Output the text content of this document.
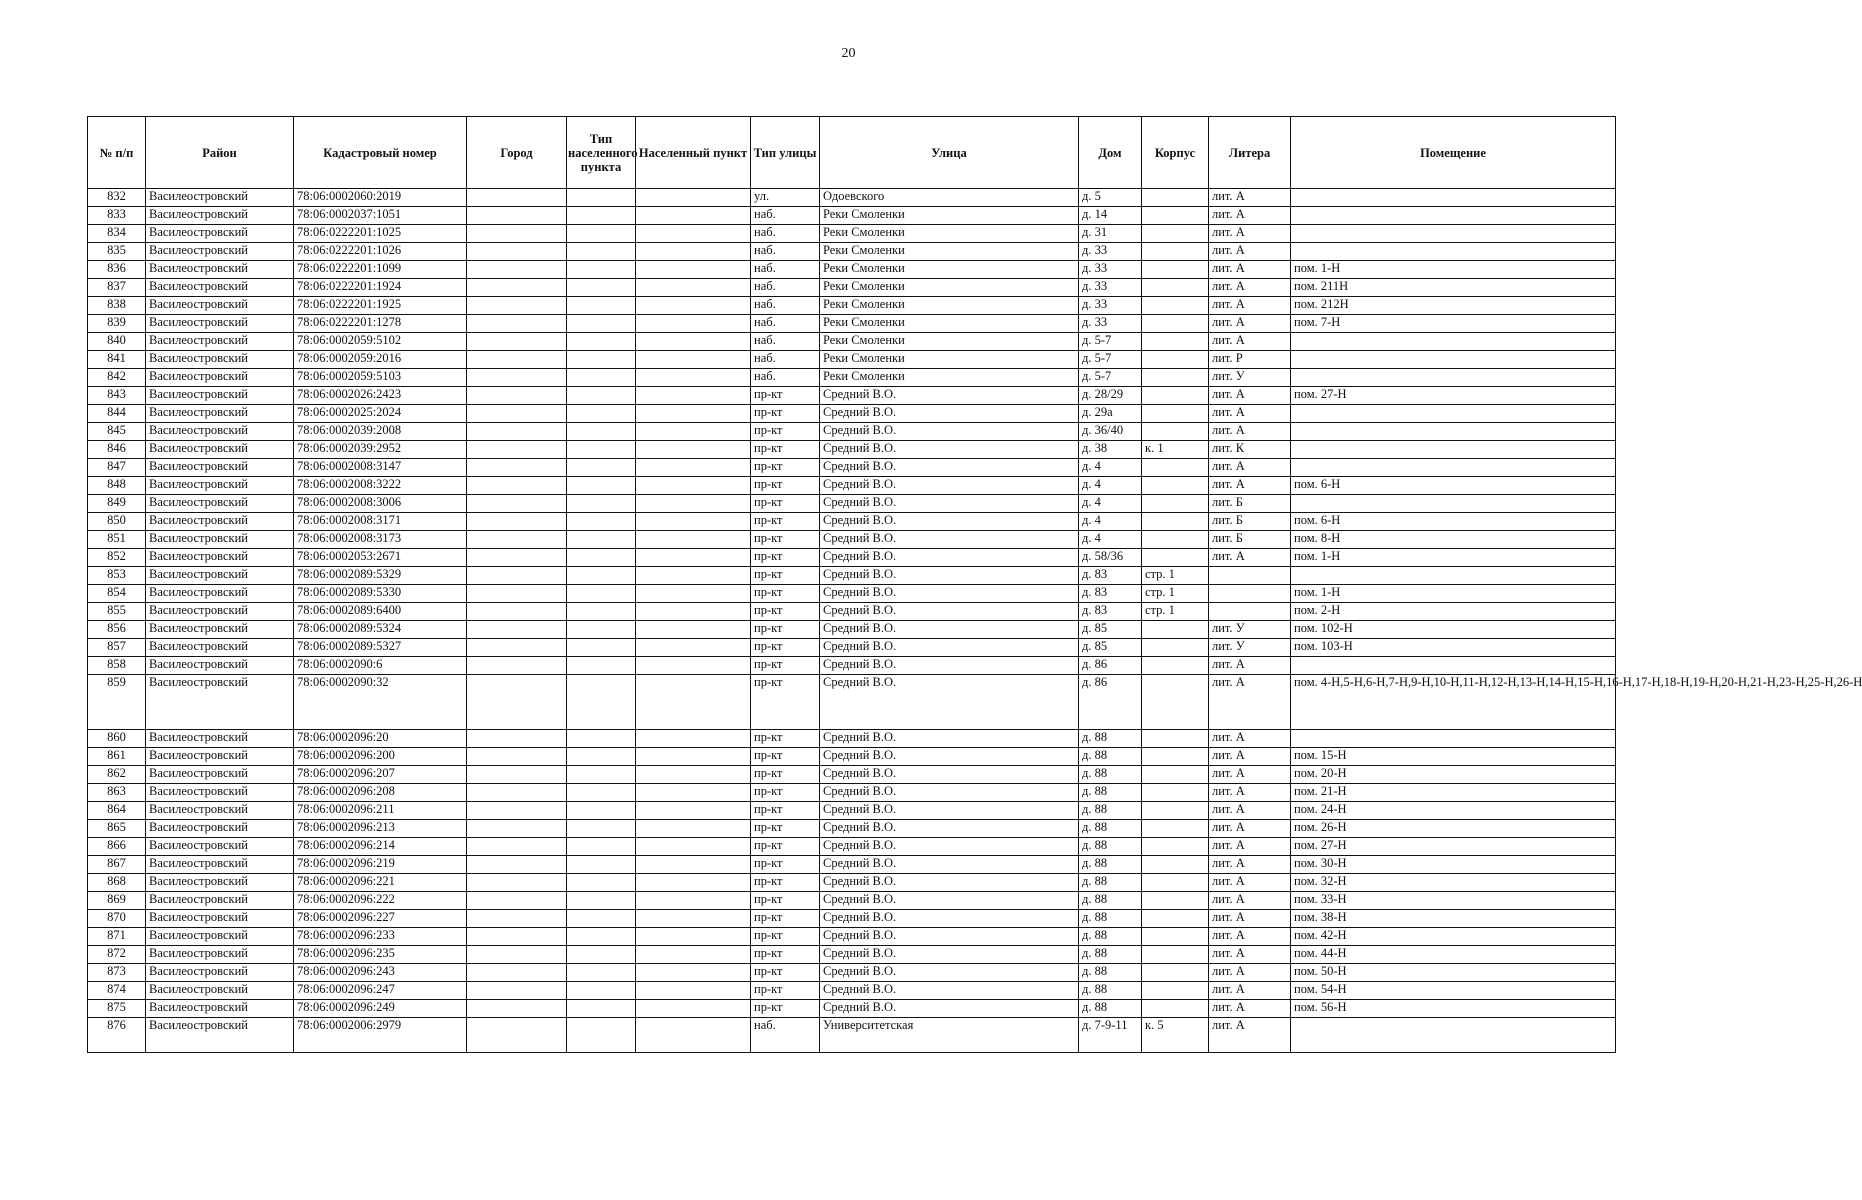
20
№ п/п	Район	Кадастровый номер	Город	Тип населенного пункта	Населенный пункт	Тип улицы	Улица	Дом	Корпус	Литера	Помещение
832	Василеостровский	78:06:0002060:2019				ул.	Одоевского	д. 5		лит. А	
833	Василеостровский	78:06:0002037:1051				наб.	Реки Смоленки	д. 14		лит. А	
834	Василеостровский	78:06:0222201:1025				наб.	Реки Смоленки	д. 31		лит. А	
835	Василеостровский	78:06:0222201:1026				наб.	Реки Смоленки	д. 33		лит. А	
836	Василеостровский	78:06:0222201:1099				наб.	Реки Смоленки	д. 33		лит. А	пом. 1-Н
837	Василеостровский	78:06:0222201:1924				наб.	Реки Смоленки	д. 33		лит. А	пом. 211Н
838	Василеостровский	78:06:0222201:1925				наб.	Реки Смоленки	д. 33		лит. А	пом. 212Н
839	Василеостровский	78:06:0222201:1278				наб.	Реки Смоленки	д. 33		лит. А	пом. 7-Н
840	Василеостровский	78:06:0002059:5102				наб.	Реки Смоленки	д. 5-7		лит. А	
841	Василеостровский	78:06:0002059:2016				наб.	Реки Смоленки	д. 5-7		лит. Р	
842	Василеостровский	78:06:0002059:5103				наб.	Реки Смоленки	д. 5-7		лит. У	
843	Василеостровский	78:06:0002026:2423				пр-кт	Средний В.О.	д. 28/29		лит. А	пом. 27-Н
844	Василеостровский	78:06:0002025:2024				пр-кт	Средний В.О.	д. 29а		лит. А	
845	Василеостровский	78:06:0002039:2008				пр-кт	Средний В.О.	д. 36/40		лит. А	
846	Василеостровский	78:06:0002039:2952				пр-кт	Средний В.О.	д. 38	к. 1	лит. К	
847	Василеостровский	78:06:0002008:3147				пр-кт	Средний В.О.	д. 4		лит. А	
848	Василеостровский	78:06:0002008:3222				пр-кт	Средний В.О.	д. 4		лит. А	пом. 6-Н
849	Василеостровский	78:06:0002008:3006				пр-кт	Средний В.О.	д. 4		лит. Б	
850	Василеостровский	78:06:0002008:3171				пр-кт	Средний В.О.	д. 4		лит. Б	пом. 6-Н
851	Василеостровский	78:06:0002008:3173				пр-кт	Средний В.О.	д. 4		лит. Б	пом. 8-Н
852	Василеостровский	78:06:0002053:2671				пр-кт	Средний В.О.	д. 58/36		лит. А	пом. 1-Н
853	Василеостровский	78:06:0002089:5329				пр-кт	Средний В.О.	д. 83	стр. 1		
854	Василеостровский	78:06:0002089:5330				пр-кт	Средний В.О.	д. 83	стр. 1		пом. 1-Н
855	Василеостровский	78:06:0002089:6400				пр-кт	Средний В.О.	д. 83	стр. 1		пом. 2-Н
856	Василеостровский	78:06:0002089:5324				пр-кт	Средний В.О.	д. 85		лит. У	пом. 102-Н
857	Василеостровский	78:06:0002089:5327				пр-кт	Средний В.О.	д. 85		лит. У	пом. 103-Н
858	Василеостровский	78:06:0002090:6				пр-кт	Средний В.О.	д. 86		лит. А	
859	Василеостровский	78:06:0002090:32				пр-кт	Средний В.О.	д. 86		лит. А	пом. 4-Н,5-Н,6-Н,7-Н,9-Н,10-Н,11-Н,12-Н,13-Н,14-Н,15-Н,16-Н,17-Н,18-Н,19-Н,20-Н,21-Н,23-Н,25-Н,26-Н
860	Василеостровский	78:06:0002096:20				пр-кт	Средний В.О.	д. 88		лит. А	
861	Василеостровский	78:06:0002096:200				пр-кт	Средний В.О.	д. 88		лит. А	пом. 15-Н
862	Василеостровский	78:06:0002096:207				пр-кт	Средний В.О.	д. 88		лит. А	пом. 20-Н
863	Василеостровский	78:06:0002096:208				пр-кт	Средний В.О.	д. 88		лит. А	пом. 21-Н
864	Василеостровский	78:06:0002096:211				пр-кт	Средний В.О.	д. 88		лит. А	пом. 24-Н
865	Василеостровский	78:06:0002096:213				пр-кт	Средний В.О.	д. 88		лит. А	пом. 26-Н
866	Василеостровский	78:06:0002096:214				пр-кт	Средний В.О.	д. 88		лит. А	пом. 27-Н
867	Василеостровский	78:06:0002096:219				пр-кт	Средний В.О.	д. 88		лит. А	пом. 30-Н
868	Василеостровский	78:06:0002096:221				пр-кт	Средний В.О.	д. 88		лит. А	пом. 32-Н
869	Василеостровский	78:06:0002096:222				пр-кт	Средний В.О.	д. 88		лит. А	пом. 33-Н
870	Василеостровский	78:06:0002096:227				пр-кт	Средний В.О.	д. 88		лит. А	пом. 38-Н
871	Василеостровский	78:06:0002096:233				пр-кт	Средний В.О.	д. 88		лит. А	пом. 42-Н
872	Василеостровский	78:06:0002096:235				пр-кт	Средний В.О.	д. 88		лит. А	пом. 44-Н
873	Василеостровский	78:06:0002096:243				пр-кт	Средний В.О.	д. 88		лит. А	пом. 50-Н
874	Василеостровский	78:06:0002096:247				пр-кт	Средний В.О.	д. 88		лит. А	пом. 54-Н
875	Василеостровский	78:06:0002096:249				пр-кт	Средний В.О.	д. 88		лит. А	пом. 56-Н
876	Василеостровский	78:06:0002006:2979				наб.	Университетская	д. 7-9-11	к. 5	лит. А	
